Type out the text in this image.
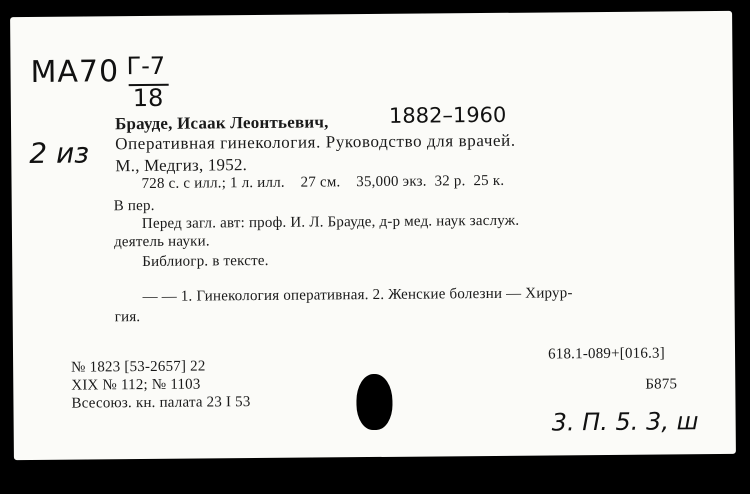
МА70 Г-7
18
2 из
Брауде, Исаак Леонтьевич,	1882–1960
Оперативная гинекология. Руководство для врачей.
М., Медгиз, 1952.
728 с. с илл.; 1 л. илл.    27 см.    35,000 экз.  32 р.  25 к.
В пер.
Перед загл. авт: проф. И. Л. Брауде, д-р мед. наук заслуж.
деятель науки.
Библиогр. в тексте.
— — 1. Гинекология оперативная. 2. Женские болезни — Хирур-
гия.
618.1-089+[016.3]
№ 1823 [53-2657] 22
XIX № 112; № 1103
Всесоюз. кн. палата 23 I 53
Б875
3. П. 5. 3, ш
